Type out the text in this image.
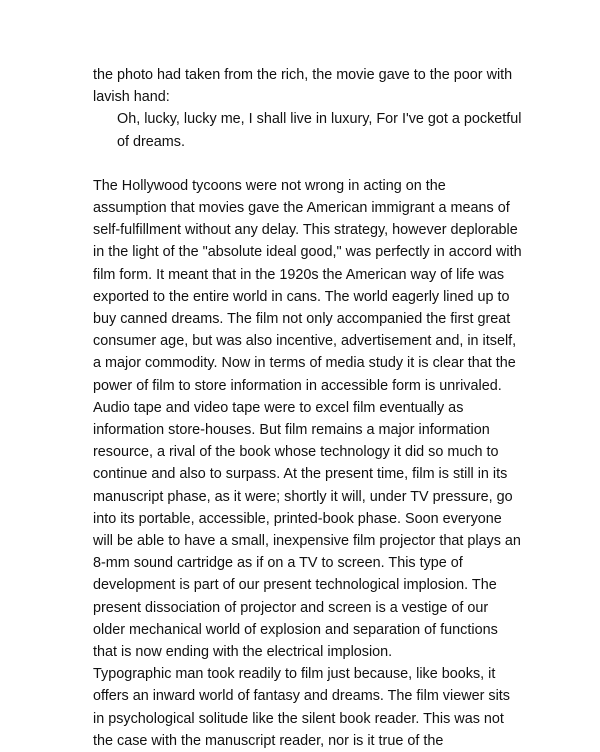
the photo had taken from the rich, the movie gave to the poor with lavish hand:

Oh, lucky, lucky me, I shall live in luxury, For I've got a pocketful of dreams.

The Hollywood tycoons were not wrong in acting on the assumption that movies gave the American immigrant a means of self-fulfillment without any delay. This strategy, however deplorable in the light of the "absolute ideal good," was perfectly in accord with film form. It meant that in the 1920s the American way of life was exported to the entire world in cans. The world eagerly lined up to buy canned dreams. The film not only accompanied the first great consumer age, but was also incentive, advertisement and, in itself, a major commodity. Now in terms of media study it is clear that the power of film to store information in accessible form is unrivaled. Audio tape and video tape were to excel film eventually as information store-houses. But film remains a major information resource, a rival of the book whose technology it did so much to continue and also to surpass. At the present time, film is still in its manuscript phase, as it were; shortly it will, under TV pressure, go into its portable, accessible, printed-book phase. Soon everyone will be able to have a small, inexpensive film projector that plays an 8-mm sound cartridge as if on a TV to screen. This type of development is part of our present technological implosion. The present dissociation of projector and screen is a vestige of our older mechanical world of explosion and separation of functions that is now ending with the electrical implosion.

Typographic man took readily to film just because, like books, it offers an inward world of fantasy and dreams. The film viewer sits in psychological solitude like the silent book reader. This was not the case with the manuscript reader, nor is it true of the
